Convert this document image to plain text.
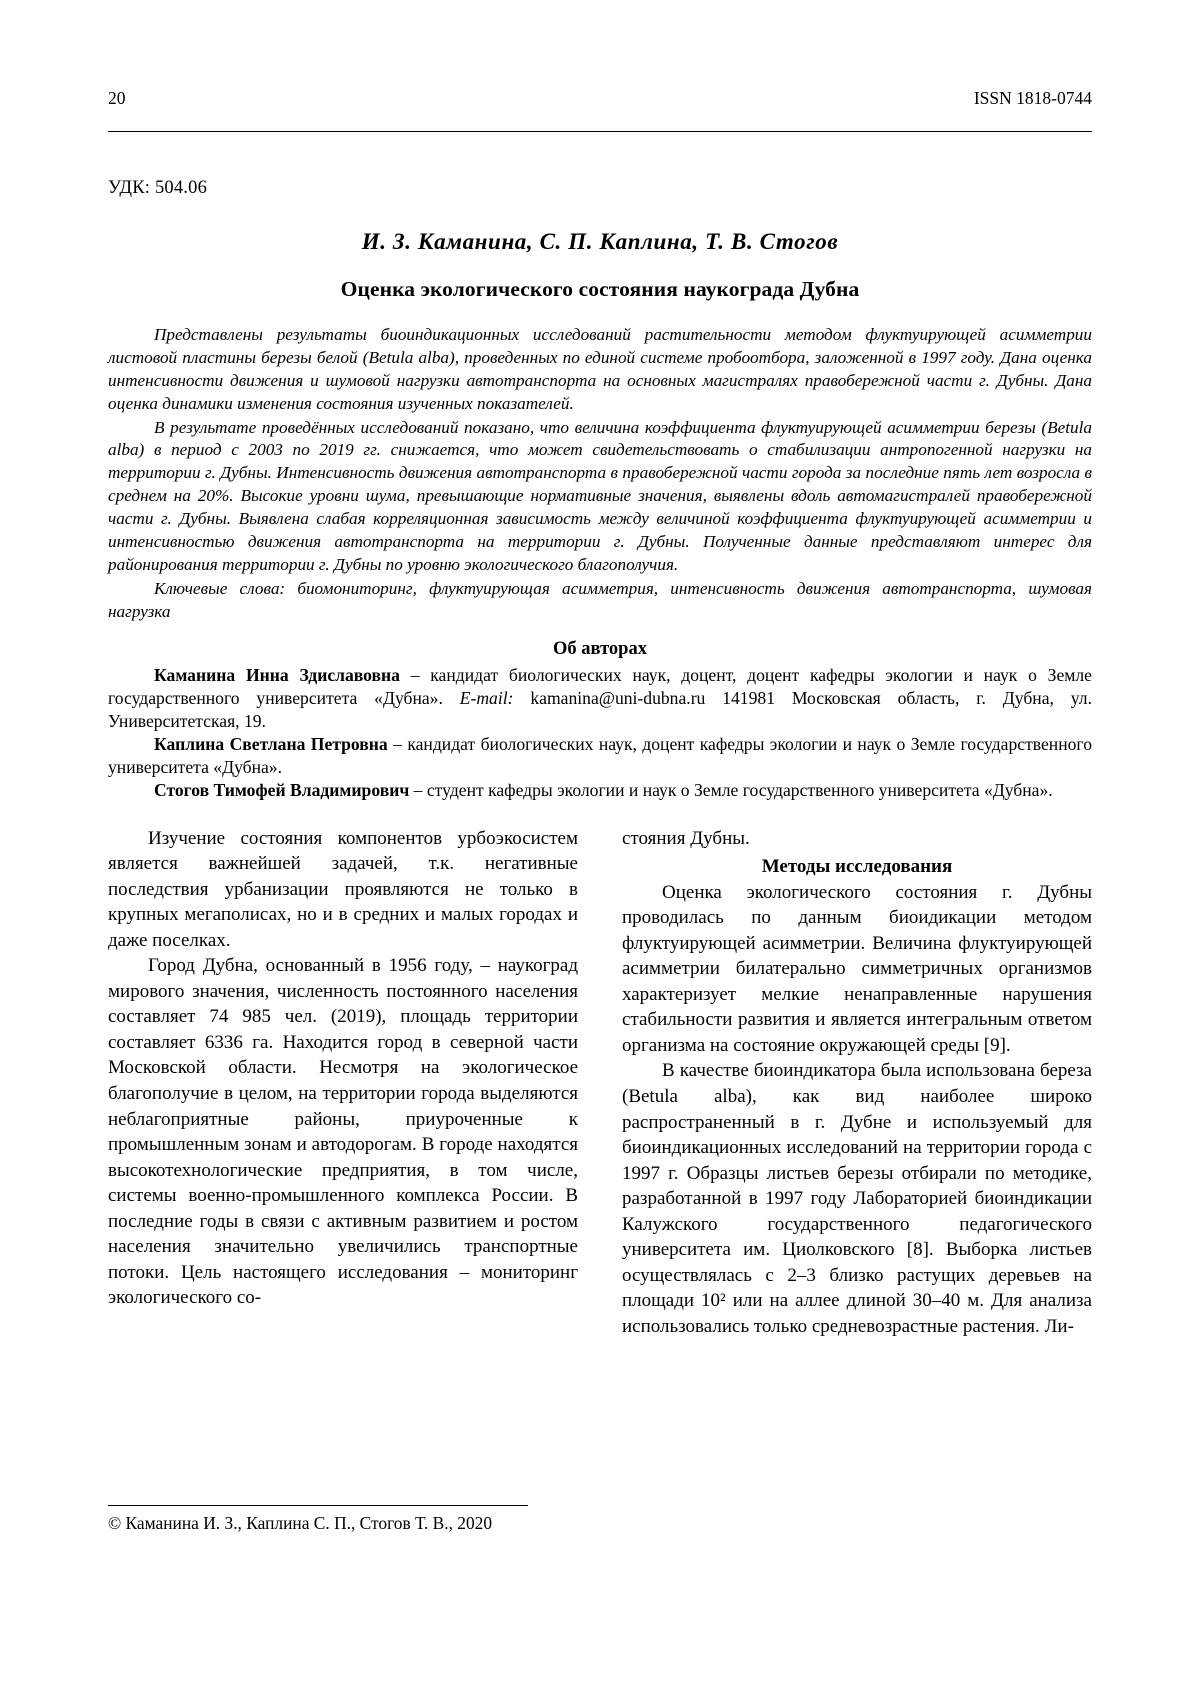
20	ISSN 1818-0744
УДК: 504.06
И. З. Каманина, С. П. Каплина, Т. В. Стогов
Оценка экологического состояния наукограда Дубна

Представлены результаты биоиндикационных исследований растительности методом флуктуирующей асимметрии листовой пластины березы белой (Betula alba), проведенных по единой системе пробоотбора, заложенной в 1997 году. Дана оценка интенсивности движения и шумовой нагрузки автотранспорта на основных магистралях правобережной части г. Дубны. Дана оценка динамики изменения состояния изученных показателей.

В результате проведённых исследований показано, что величина коэффициента флуктуирующей асимметрии березы (Betula alba) в период с 2003 по 2019 гг. снижается, что может свидетельствовать о стабилизации антропогенной нагрузки на территории г. Дубны. Интенсивность движения автотранспорта в правобережной части города за последние пять лет возросла в среднем на 20%. Высокие уровни шума, превышающие нормативные значения, выявлены вдоль автомагистралей правобережной части г. Дубны. Выявлена слабая корреляционная зависимость между величиной коэффициента флуктуирующей асимметрии и интенсивностью движения автотранспорта на территории г. Дубны. Полученные данные представляют интерес для районирования территории г. Дубны по уровню экологического благополучия.

Ключевые слова: биомониторинг, флуктуирующая асимметрия, интенсивность движения автотранспорта, шумовая нагрузка

Об авторах

Каманина Инна Здиславовна – кандидат биологических наук, доцент, доцент кафедры экологии и наук о Земле государственного университета «Дубна». E-mail: kamanina@uni-dubna.ru 141981 Московская область, г. Дубна, ул. Университетская, 19.

Каплина Светлана Петровна – кандидат биологических наук, доцент кафедры экологии и наук о Земле государственного университета «Дубна».

Стогов Тимофей Владимирович – студент кафедры экологии и наук о Земле государственного университета «Дубна».

Изучение состояния компонентов урбоэкосистем является важнейшей задачей, т.к. негативные последствия урбанизации проявляются не только в крупных мегаполисах, но и в средних и малых городах и даже поселках.

Город Дубна, основанный в 1956 году, – наукоград мирового значения, численность постоянного населения составляет 74 985 чел. (2019), площадь территории составляет 6336 га. Находится город в северной части Московской области. Несмотря на экологическое благополучие в целом, на территории города выделяются неблагоприятные районы, приуроченные к промышленным зонам и автодорогам. В городе находятся высокотехнологические предприятия, в том числе, системы военно-промышленного комплекса России. В последние годы в связи с активным развитием и ростом населения значительно увеличились транспортные потоки. Цель настоящего исследования – мониторинг экологического со-

стояния Дубны.

Методы исследования

Оценка экологического состояния г. Дубны проводилась по данным биоидикации методом флуктуирующей асимметрии. Величина флуктуирующей асимметрии билатерально симметричных организмов характеризует мелкие ненаправленные нарушения стабильности развития и является интегральным ответом организма на состояние окружающей среды [9].

В качестве биоиндикатора была использована береза (Betula alba), как вид наиболее широко распространенный в г. Дубне и используемый для биоиндикационных исследований на территории города с 1997 г. Образцы листьев березы отбирали по методике, разработанной в 1997 году Лабораторией биоиндикации Калужского государственного педагогического университета им. Циолковского [8]. Выборка листьев осуществлялась с 2–3 близко растущих деревьев на площади 10² или на аллее длиной 30–40 м. Для анализа использовались только средневозрастные растения. Ли-

© Каманина И. З., Каплина С. П., Стогов Т. В., 2020
